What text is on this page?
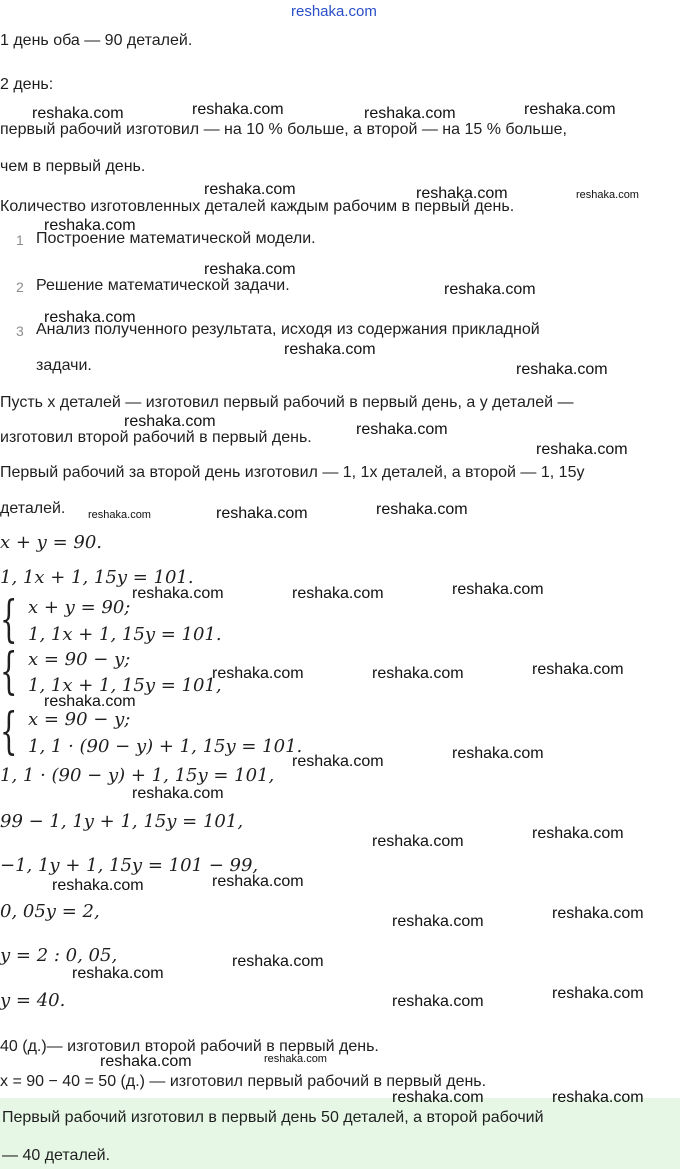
1 день оба — 90 деталей.
2 день:
первый рабочий изготовил — на 10 % больше, а второй — на 15 % больше,
чем в первый день.
Количество изготовленных деталей каждым рабочим в первый день.
1 Построение математической модели.
2 Решение математической задачи.
3 Анализ полученного результата, исходя из содержания прикладной
задачи.
Пусть x деталей — изготовил первый рабочий в первый день, а y деталей —
изготовил второй рабочий в первый день.
Первый рабочий за второй день изготовил — 1, 1x деталей, а второй — 1, 15y
деталей.
x + y = 90.
1, 1x + 1, 15y = 101.
{ x + y = 90;
1, 1x + 1, 15y = 101.
{ x = 90 − y;
1, 1x + 1, 15y = 101,
{ x = 90 − y;
1, 1 · (90 − y) + 1, 15y = 101.
1, 1 · (90 − y) + 1, 15y = 101,
99 − 1, 1y + 1, 15y = 101,
−1, 1y + 1, 15y = 101 − 99,
0, 05y = 2,
y = 2 : 0, 05,
y = 40.
40 (д.)— изготовил второй рабочий в первый день.
x = 90 − 40 = 50 (д.) — изготовил первый рабочий в первый день.
Первый рабочий изготовил в первый день 50 деталей, а второй рабочий
— 40 деталей.
reshaka.com
reshaka.com	reshaka.com	reshaka.com	reshaka.com
reshaka.com	reshaka.com	reshaka.com
reshaka.com
reshaka.com
reshaka.com
reshaka.com
reshaka.com
reshaka.com
reshaka.com	reshaka.com
reshaka.com
reshaka.com	reshaka.com	reshaka.com
reshaka.com	reshaka.com	reshaka.com
reshaka.com	reshaka.com	reshaka.com
reshaka.com
reshaka.com
reshaka.com
reshaka.com
reshaka.com
reshaka.com
reshaka.com
reshaka.com
reshaka.com
reshaka.com
reshaka.com
reshaka.com
reshaka.com
reshaka.com
reshaka.com	reshaka.com
reshaka.com
reshaka.com
